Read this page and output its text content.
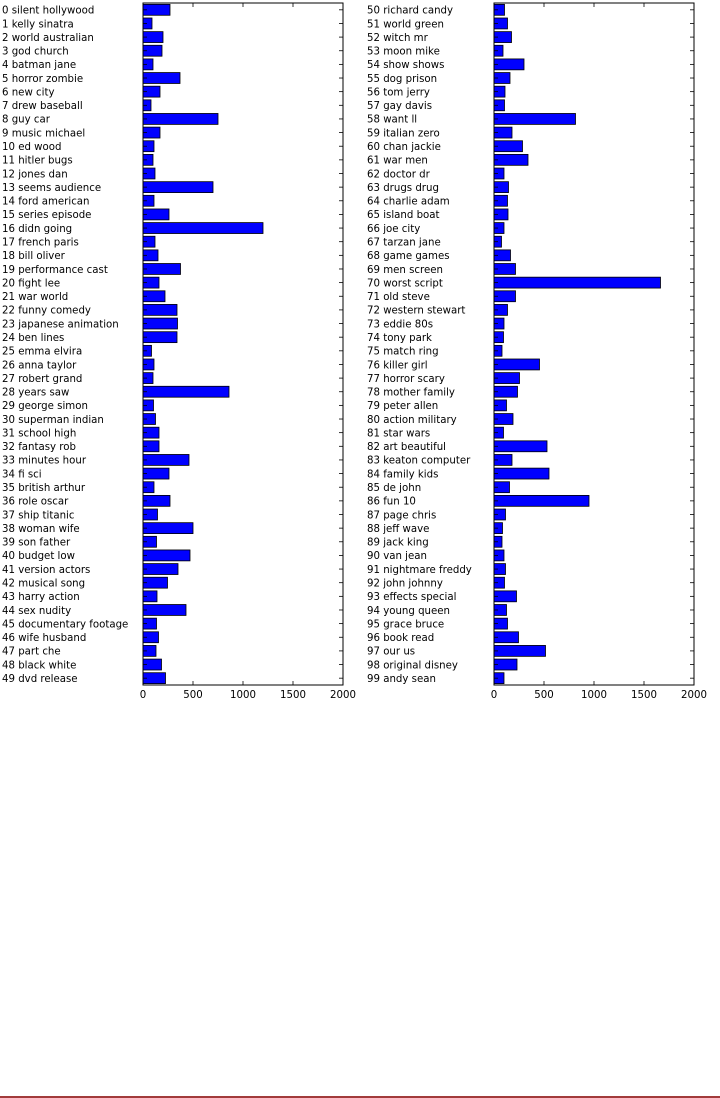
0 silent hollywood
1 kelly sinatra
2 world australian
3 god church
4 batman jane
5 horror zombie
6 new city
7 drew baseball
8 guy car
9 music michael
10 ed wood
11 hitler bugs
12 jones dan
13 seems audience
14 ford american
15 series episode
16 didn going
17 french paris
18 bill oliver
19 performance cast
20 fight lee
21 war world
22 funny comedy
23 japanese animation
24 ben lines
25 emma elvira
26 anna taylor
27 robert grand
28 years saw
29 george simon
30 superman indian
31 school high
32 fantasy rob
33 minutes hour
34 fi sci
35 british arthur
36 role oscar
37 ship titanic
38 woman wife
39 son father
40 budget low
41 version actors
42 musical song
43 harry action
44 sex nudity
45 documentary footage
46 wife husband
47 part che
48 black white
49 dvd release
0	500	1000 1500 2000
50 richard candy
51 world green
52 witch mr
53 moon mike
54 show shows
55 dog prison
56 tom jerry
57 gay davis
58 want ll
59 italian zero
60 chan jackie
61 war men
62 doctor dr
63 drugs drug
64 charlie adam
65 island boat
66 joe city
67 tarzan jane
68 game games
69 men screen
70 worst script
71 old steve
72 western stewart
73 eddie 80s
74 tony park
75 match ring
76 killer girl
77 horror scary
78 mother family
79 peter allen
80 action military
81 star wars
82 art beautiful
83 keaton computer
84 family kids
85 de john
86 fun 10
87 page chris
88 jeff wave
89 jack king
90 van jean
91 nightmare freddy
92 john johnny
93 effects special
94 young queen
95 grace bruce
96 book read
97 our us
98 original disney
99 andy sean
0	500	1000 1500 2000
